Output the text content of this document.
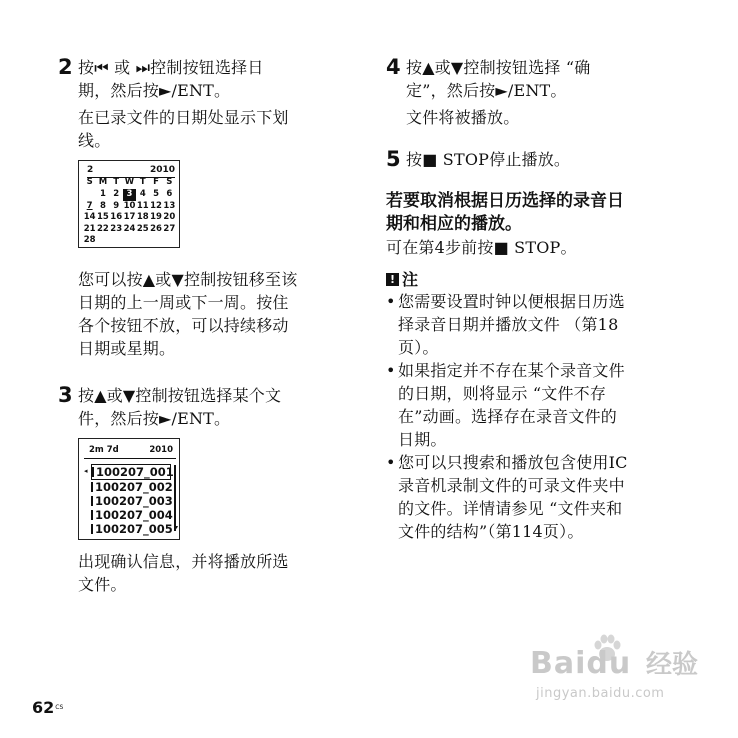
2 按⏮ 或 ⏭控制按钮选择日

期，然后按►/ENT。

在已录文件的日期处显示下划

线。

2	2010
S M T W T F S
1 2 3 4 5 6
7 8 9 10 11 12 13
14 15 16 17 18 19 20
21 22 23 24 25 26 27
28

您可以按▲或▼控制按钮移至该

日期的上一周或下一周。按住

各个按钮不放，可以持续移动

日期或星期。

3 按▲或▼控制按钮选择某个文

件，然后按►/ENT。

2m 7d	2010
◂ 100207_001
100207_002
100207_003
100207_004
100207_005 ▾

出现确认信息，并将播放所选

文件。

4 按▲或▼控制按钮选择 “确

定”，然后按►/ENT。

文件将被播放。

5 按■ STOP停止播放。

若要取消根据日历选择的录音日
期和相应的播放。

可在第4步前按■ STOP。

! 注
• 您需要设置时钟以便根据日历选

择录音日期并播放文件 （第18

页）。

• 如果指定并不存在某个录音文件

的日期，则将显示 “文件不存

在”动画。选择存在录音文件的

日期。

• 您可以只搜索和播放包含使用IC

录音机录制文件的可录文件夹中

的文件。详情请参见 “文件夹和

文件的结构”（第114页）。

$62^{CS}$
Baidu 经验
jingyan.baidu.com
